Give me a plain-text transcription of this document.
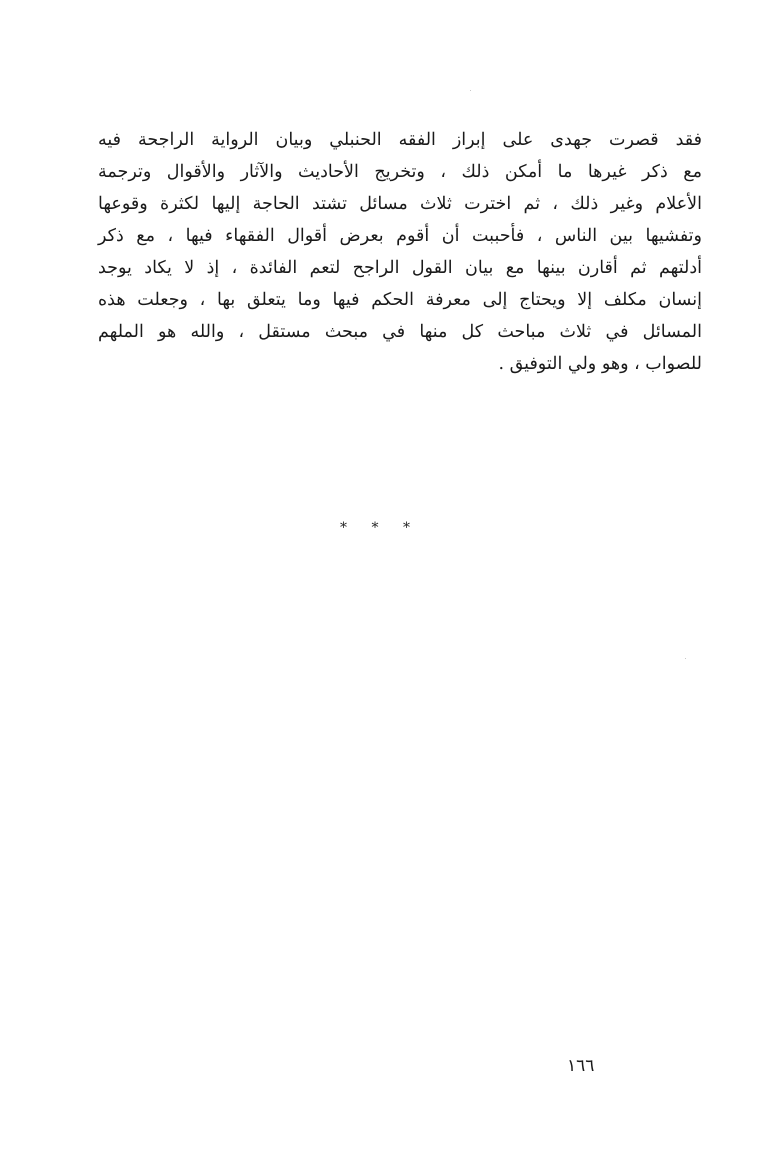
فقد قصرت جهدى على إبراز الفقه الحنبلي وبيان الرواية الراجحة فيه
مع ذكر غيرها ما أمكن ذلك ، وتخريج الأحاديث والآثار والأقوال وترجمة
الأعلام وغير ذلك ، ثم اخترت ثلاث مسائل تشتد الحاجة إليها لكثرة وقوعها
وتفشيها بين الناس ، فأحببت أن أقوم بعرض أقوال الفقهاء فيها ، مع ذكر
أدلتهم ثم أقارن بينها مع بيان القول الراجح لتعم الفائدة ، إذ لا يكاد يوجد
إنسان مكلف إلا ويحتاج إلى معرفة الحكم فيها وما يتعلق بها ، وجعلت هذه
المسائل في ثلاث مباحث كل منها في مبحث مستقل ، والله هو الملهم
للصواب ، وهو ولي التوفيق .
* * *
١٦٦
